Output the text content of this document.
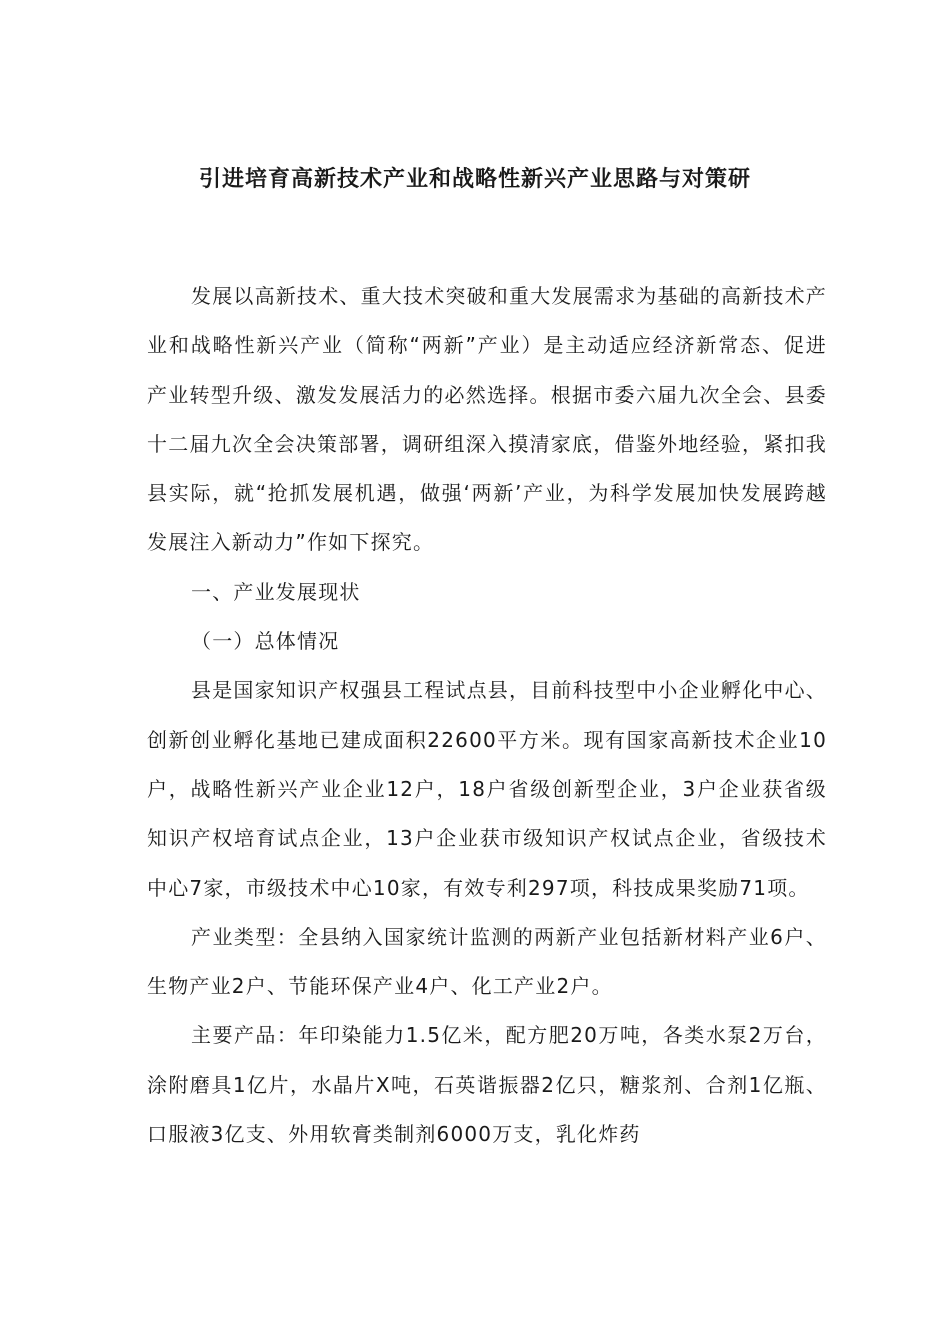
引进培育高新技术产业和战略性新兴产业思路与对策研

发展以高新技术、重大技术突破和重大发展需求为基础的高新技术产业和战略性新兴产业（简称“两新”产业）是主动适应经济新常态、促进产业转型升级、激发发展活力的必然选择。根据市委六届九次全会、县委十二届九次全会决策部署，调研组深入摸清家底，借鉴外地经验，紧扣我县实际，就“抢抓发展机遇，做强‘两新’产业，为科学发展加快发展跨越发展注入新动力”作如下探究。

一、产业发展现状

（一）总体情况

县是国家知识产权强县工程试点县，目前科技型中小企业孵化中心、创新创业孵化基地已建成面积22600平方米。现有国家高新技术企业10户，战略性新兴产业企业12户，18户省级创新型企业，3户企业获省级知识产权培育试点企业，13户企业获市级知识产权试点企业，省级技术中心7家，市级技术中心10家，有效专利297项，科技成果奖励71项。

产业类型：全县纳入国家统计监测的两新产业包括新材料产业6户、生物产业2户、节能环保产业4户、化工产业2户。

主要产品：年印染能力1.5亿米，配方肥20万吨，各类水泵2万台，涂附磨具1亿片，水晶片X吨，石英谐振器2亿只，糖浆剂、合剂1亿瓶、口服液3亿支、外用软膏类制剂6000万支，乳化炸药
